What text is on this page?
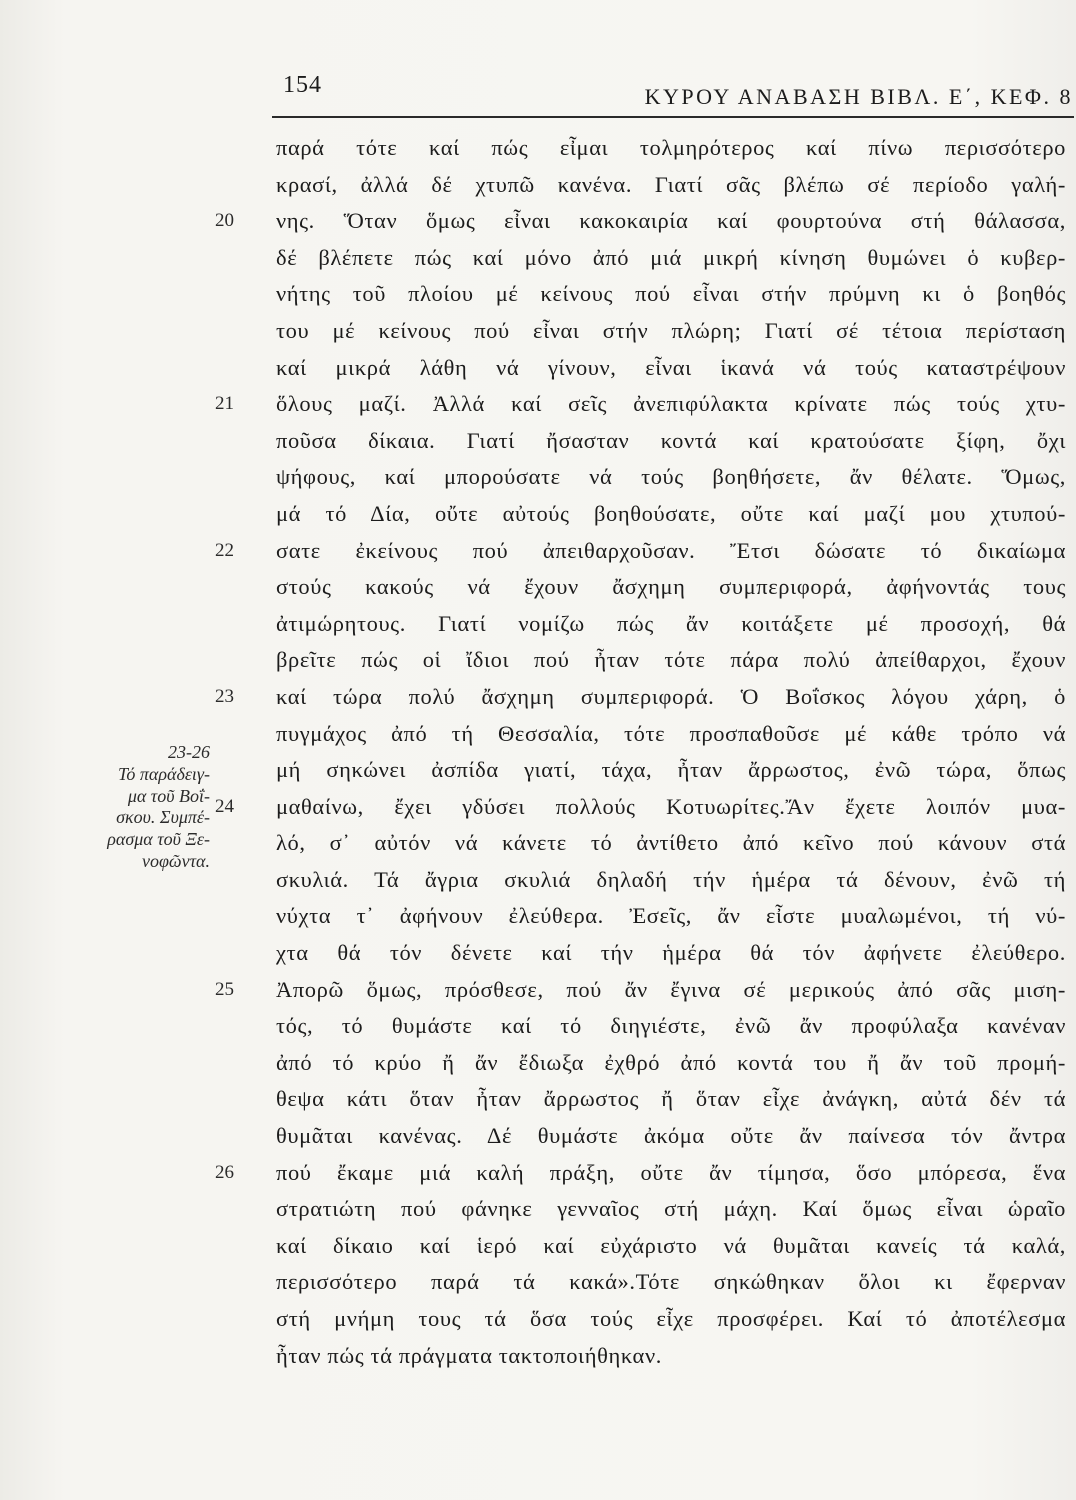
154	ΚΥΡΟΥ ΑΝΑΒΑΣΗ ΒΙΒΛ. Ε΄, ΚΕΦ. 8
23-26
Τό παράδειγ-
μα τοῦ Βοΐ-
σκου. Συμπέ-
ρασμα τοῦ Ξε-
νοφῶντα.
20
21
22
23
24
25
26
παρά τότε καί πώς εἶμαι τολμηρότερος καί πίνω περισσότερο
κρασί, ἀλλά δέ χτυπῶ κανένα. Γιατί σᾶς βλέπω σέ περίοδο γαλή-
νης. Ὅταν ὅμως εἶναι κακοκαιρία καί φουρτούνα στή θάλασσα,
δέ βλέπετε πώς καί μόνο ἀπό μιά μικρή κίνηση θυμώνει ὁ κυβερ-
νήτης τοῦ πλοίου μέ κείνους πού εἶναι στήν πρύμνη κι ὁ βοηθός
του μέ κείνους πού εἶναι στήν πλώρη; Γιατί σέ τέτοια περίσταση
καί μικρά λάθη νά γίνουν, εἶναι ἱκανά νά τούς καταστρέψουν
ὅλους μαζί. Ἀλλά καί σεῖς ἀνεπιφύλακτα κρίνατε πώς τούς χτυ-
ποῦσα δίκαια. Γιατί ἤσασταν κοντά καί κρατούσατε ξίφη, ὄχι
ψήφους, καί μπορούσατε νά τούς βοηθήσετε, ἄν θέλατε. Ὅμως,
μά τό Δία, οὔτε αὐτούς βοηθούσατε, οὔτε καί μαζί μου χτυπού-
σατε ἐκείνους πού ἀπειθαρχοῦσαν. Ἔτσι δώσατε τό δικαίωμα
στούς κακούς νά ἔχουν ἄσχημη συμπεριφορά, ἀφήνοντάς τους
ἀτιμώρητους. Γιατί νομίζω πώς ἄν κοιτάξετε μέ προσοχή, θά
βρεῖτε πώς οἱ ἴδιοι πού ἦταν τότε πάρα πολύ ἀπείθαρχοι, ἔχουν
καί τώρα πολύ ἄσχημη συμπεριφορά. Ὁ Βοΐσκος λόγου χάρη, ὁ
πυγμάχος ἀπό τή Θεσσαλία, τότε προσπαθοῦσε μέ κάθε τρόπο νά
μή σηκώνει ἀσπίδα γιατί, τάχα, ἦταν ἄρρωστος, ἐνῶ τώρα, ὅπως
μαθαίνω, ἔχει γδύσει πολλούς Κοτυωρίτες.Ἄν ἔχετε λοιπόν μυα-
λό, σ᾽ αὐτόν νά κάνετε τό ἀντίθετο ἀπό κεῖνο πού κάνουν στά
σκυλιά. Τά ἄγρια σκυλιά δηλαδή τήν ἡμέρα τά δένουν, ἐνῶ τή
νύχτα τ᾽ ἀφήνουν ἐλεύθερα. Ἐσεῖς, ἄν εἶστε μυαλωμένοι, τή νύ-
χτα θά τόν δένετε καί τήν ἡμέρα θά τόν ἀφήνετε ἐλεύθερο.
Ἀπορῶ ὅμως, πρόσθεσε, πού ἄν ἔγινα σέ μερικούς ἀπό σᾶς μιση-
τός, τό θυμάστε καί τό διηγιέστε, ἐνῶ ἄν προφύλαξα κανέναν
ἀπό τό κρύο ἤ ἄν ἔδιωξα ἐχθρό ἀπό κοντά του ἤ ἄν τοῦ προμή-
θεψα κάτι ὅταν ἦταν ἄρρωστος ἤ ὅταν εἶχε ἀνάγκη, αὐτά δέν τά
θυμᾶται κανένας. Δέ θυμάστε ἀκόμα οὔτε ἄν παίνεσα τόν ἄντρα
πού ἔκαμε μιά καλή πράξη, οὔτε ἄν τίμησα, ὅσο μπόρεσα, ἕνα
στρατιώτη πού φάνηκε γενναῖος στή μάχη. Καί ὅμως εἶναι ὡραῖο
καί δίκαιο καί ἱερό καί εὐχάριστο νά θυμᾶται κανείς τά καλά,
περισσότερο παρά τά κακά».Τότε σηκώθηκαν ὅλοι κι ἔφερναν
στή μνήμη τους τά ὅσα τούς εἶχε προσφέρει. Καί τό ἀποτέλεσμα
ἦταν πώς τά πράγματα τακτοποιήθηκαν.
